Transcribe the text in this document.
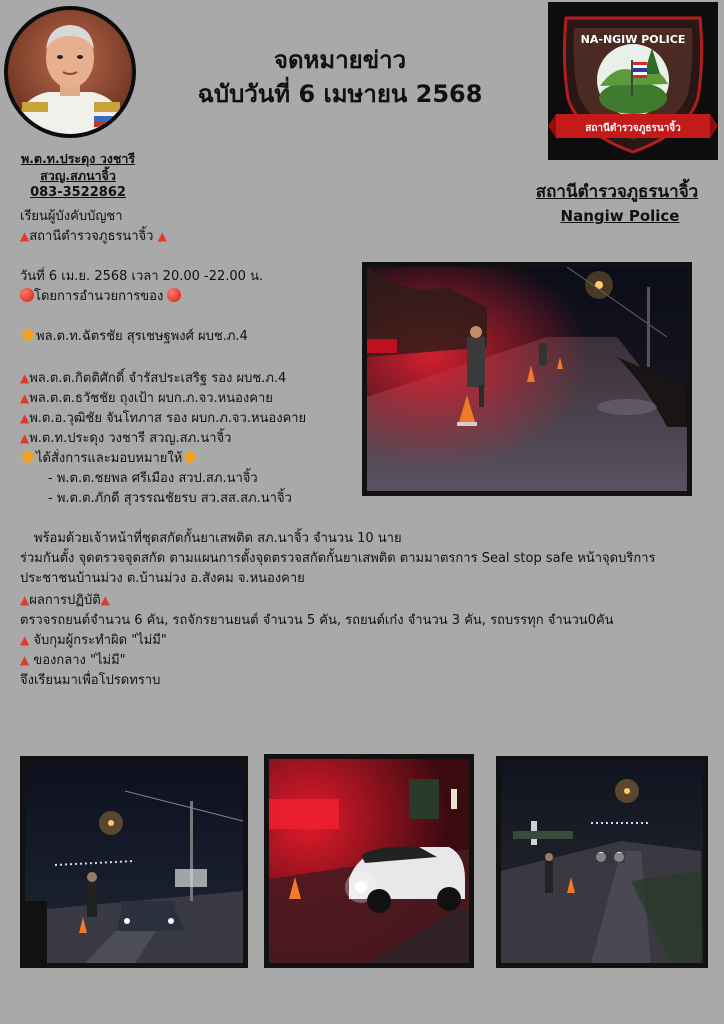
พ.ต.ท.ประดุง วงชารี
สวญ.สภนาจิ้ว
083-3522862
จดหมายข่าว
ฉบับวันที่ 6 เมษายน 2568
NA-NGIW POLICE
สถานีตำรวจภูธรนาจิ้ว
สถานีตำรวจภูธรนาจิ้ว
Nangiw Police
เรียนผู้บังคับบัญชา
▲สถานีตำรวจภูธรนาจิ้ว ▲
วันที่ 6 เม.ย. 2568 เวลา 20.00 -22.00 น.
โดยการอำนวยการของ
พล.ต.ท.ฉัตรชัย สุรเชษฐพงศ์ ผบช.ภ.4
▲พล.ต.ต.กิตติศักดิ์ จำรัสประเสริฐ รอง ผบช.ภ.4
▲พล.ต.ต.ธวัชชัย ถุงเป้า ผบก.ภ.จว.หนองคาย
▲พ.ต.อ.วุฒิชัย จันโทภาส รอง ผบก.ภ.จว.หนองคาย
▲พ.ต.ท.ประดุง วงชารี สวญ.สภ.นาจิ้ว
ได้สั่งการและมอบหมายให้
- พ.ต.ต.ชยพล ศรีเมือง สวป.สภ.นาจิ้ว
- พ.ต.ต.ภักดี สุวรรณชัยรบ สว.สส.สภ.นาจิ้ว
พร้อมด้วยเจ้าหน้าที่ชุดสกัดกั้นยาเสพติด สภ.นาจิ้ว จำนวน 10 นาย
ร่วมกันตั้ง จุดตรวจจุดสกัด ตามแผนการตั้งจุดตรวจสกัดกั้นยาเสพติด ตามมาตรการ Seal stop safe หน้าจุดบริการ
ประชาชนบ้านม่วง ต.บ้านม่วง อ.สังคม จ.หนองคาย
▲ผลการปฏิบัติ▲
ตรวจรถยนต์จำนวน 6 คัน, รถจักรยานยนต์ จำนวน 5 คัน, รถยนต์เก๋ง จำนวน 3 คัน, รถบรรทุก จำนวน0คัน
▲ จับกุมผู้กระทำผิด "ไม่มี"
▲ ของกลาง "ไม่มี"
จึงเรียนมาเพื่อโปรดทราบ
